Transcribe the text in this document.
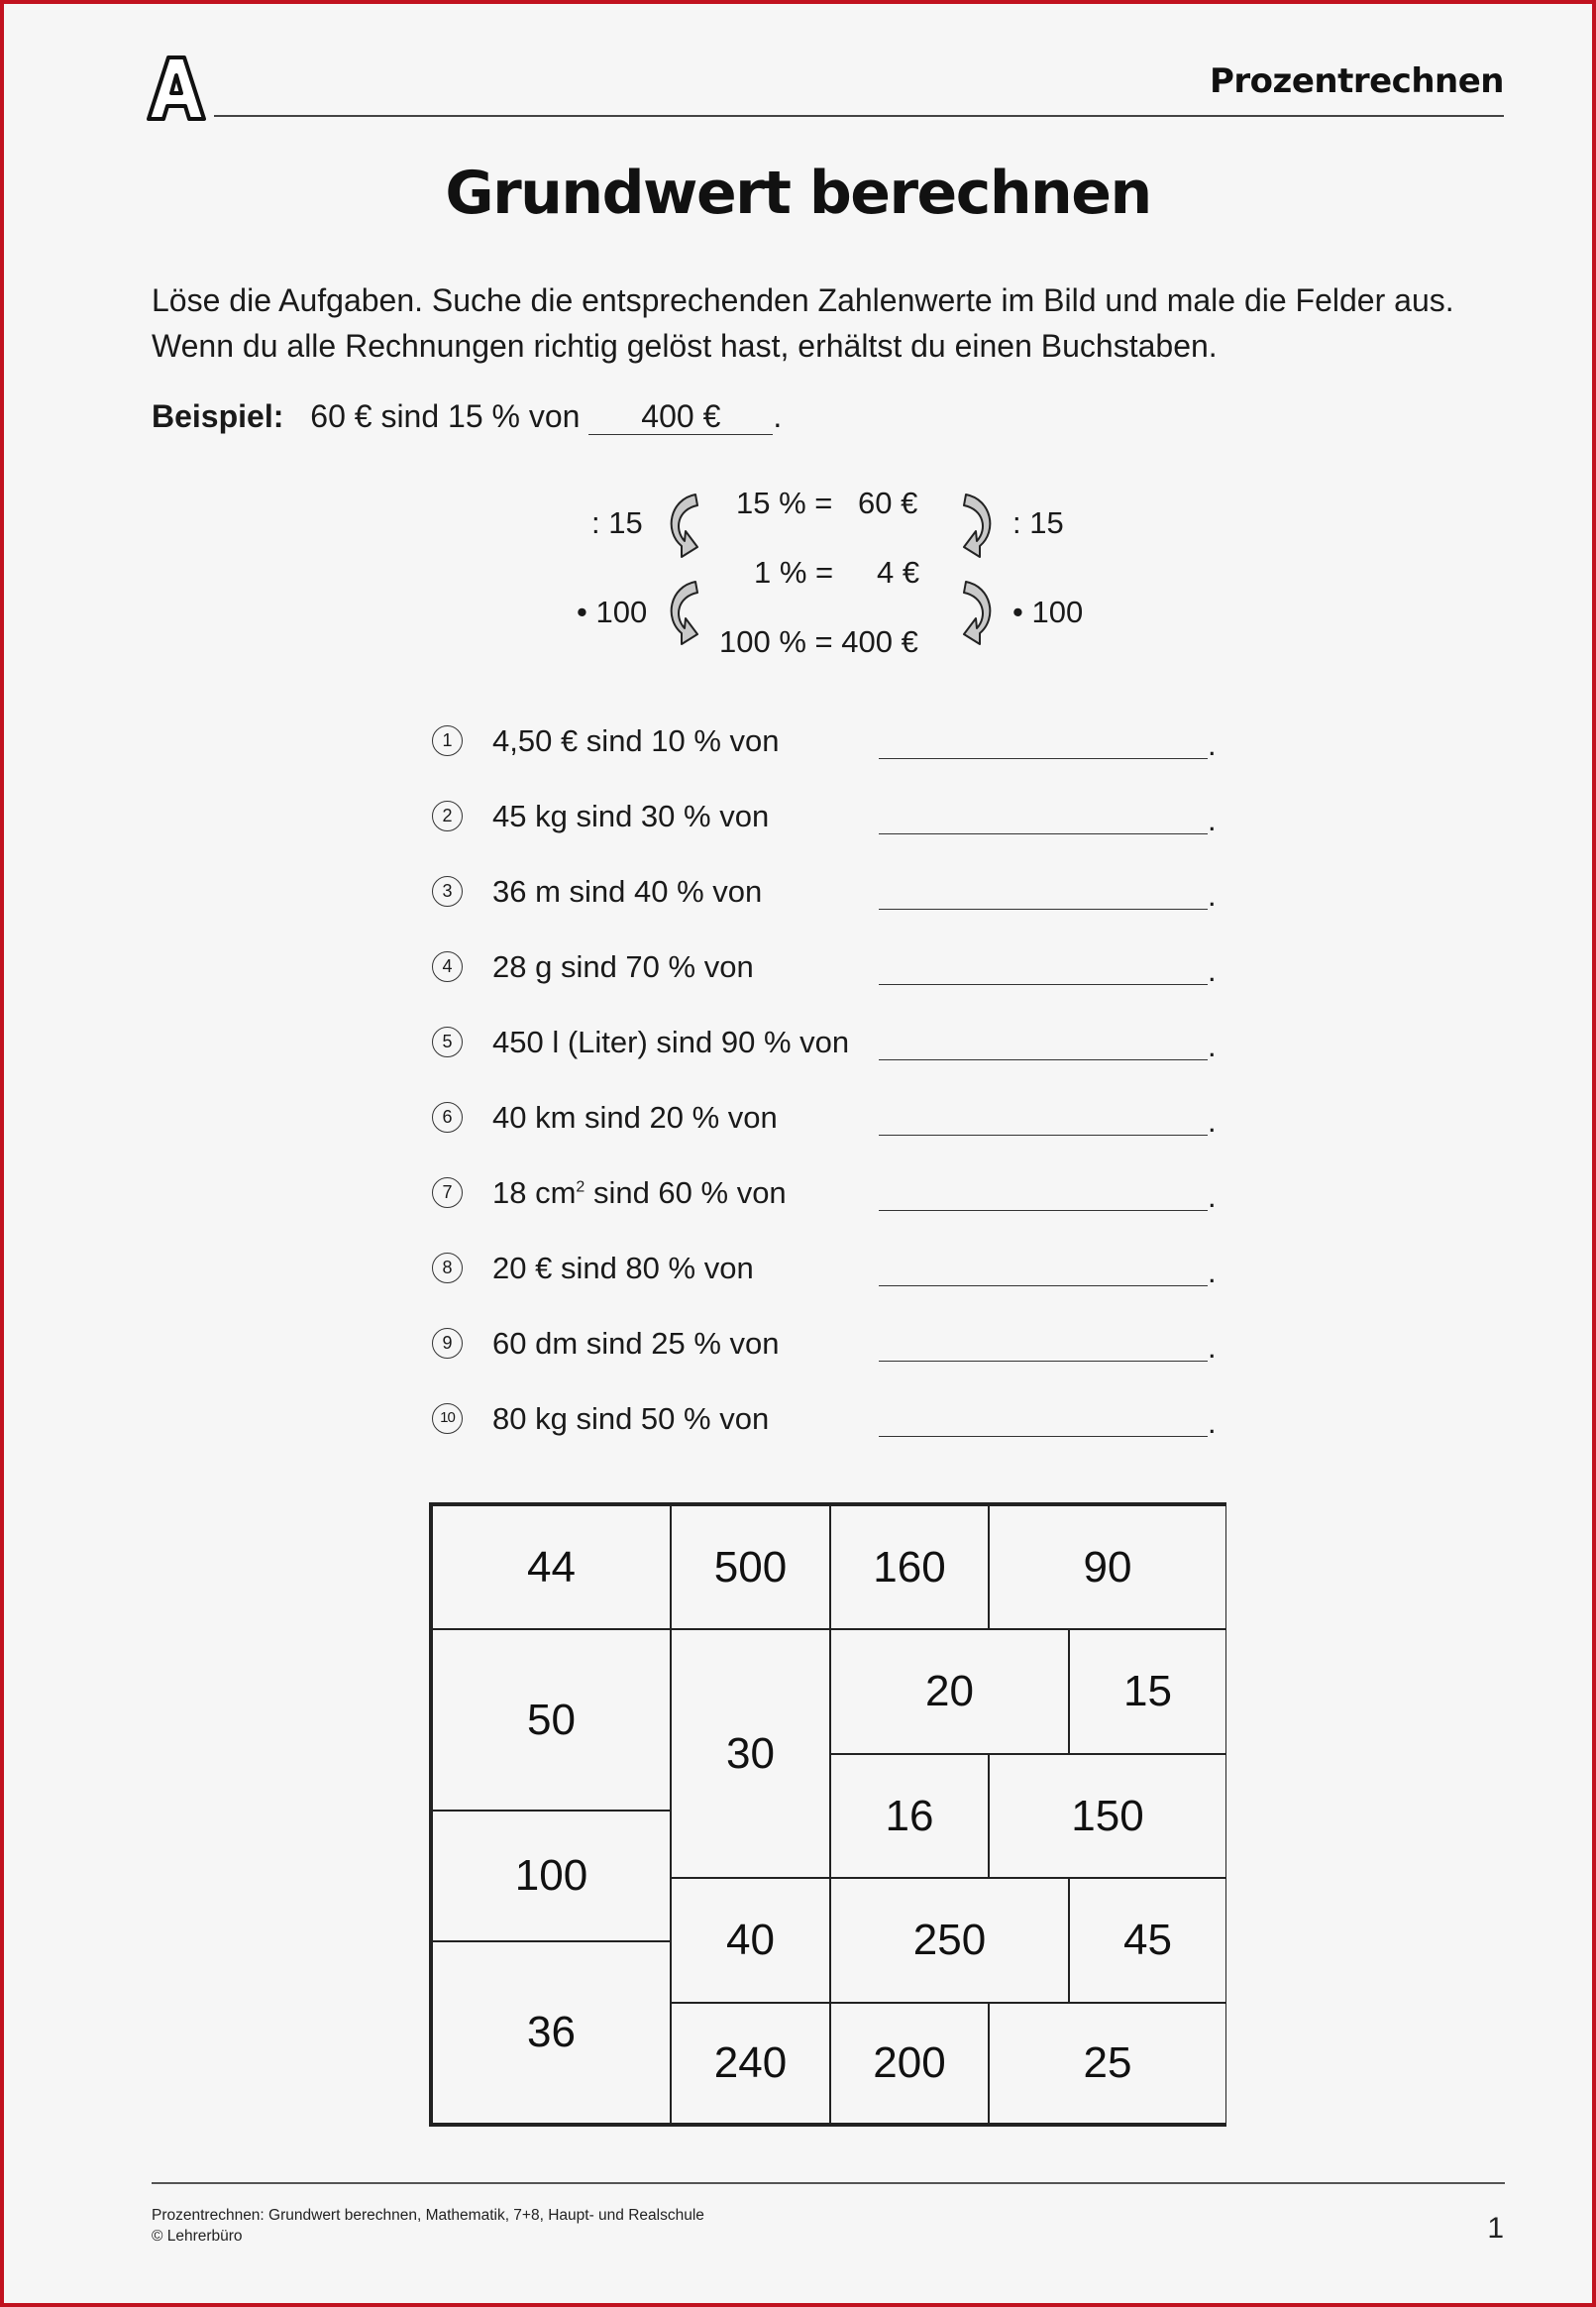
Prozentrechnen
Grundwert berechnen
Löse die Aufgaben. Suche die entsprechenden Zahlenwerte im Bild und male die Felder aus.
Wenn du alle Rechnungen richtig gelöst hast, erhältst du einen Buchstaben.
Beispiel: 60 € sind 15 % von 400 € .
15 % = 60 €
1 % = 4 €
100 % = 400 €
: 15	: 15
• 100	• 100
1	4,50 € sind 10 % von	.
2	45 kg sind 30 % von	.
3	36 m sind 40 % von	.
4	28 g sind 70 % von	.
5	450 l (Liter) sind 90 % von	.
6	40 km sind 20 % von	.
7	18 $cm^2$ sind 60 % von	.
8	20 € sind 80 % von	.
9	60 dm sind 25 % von	.
10 80 kg sind 50 % von	.
44	500	160	90
50
30
20	15
16	150
100
40	250	45
36
240	200	25
Prozentrechnen: Grundwert berechnen, Mathematik, 7+8, Haupt- und Realschule
© Lehrerbüro	1
